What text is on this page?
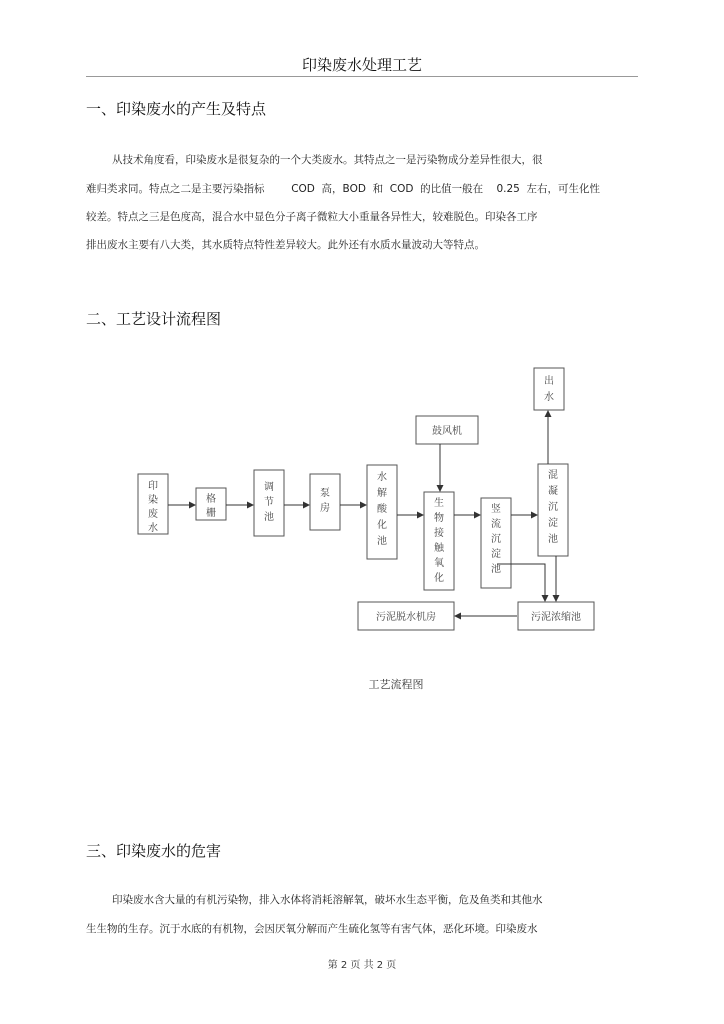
印染废水处理工艺
一、印染废水的产生及特点
从技术角度看，印染废水是很复杂的一个大类废水。其特点之一是污染物成分差异性很大，很
难归类求同。特点之二是主要污染指标        COD  高，BOD  和  COD  的比值一般在    0.25  左右，可生化性
较差。特点之三是色度高，混合水中显色分子离子微粒大小重量各异性大，较难脱色。印染各工序
排出废水主要有八大类，其水质特点特性差异较大。此外还有水质水量波动大等特点。
二、工艺设计流程图
印
染
废
水
格
栅
调
节
池
泵
房
水
解
酸
化
池
生
物
接
触
氧
化
竖
流
沉
淀
池
混
凝
沉
淀
池
出
水
鼓风机
污泥浓缩池
污泥脱水机房
工艺流程图
三、印染废水的危害
印染废水含大量的有机污染物，排入水体将消耗溶解氧，破坏水生态平衡，危及鱼类和其他水
生生物的生存。沉于水底的有机物，会因厌氧分解而产生硫化氢等有害气体，恶化环境。印染废水
第 2 页 共 2 页
